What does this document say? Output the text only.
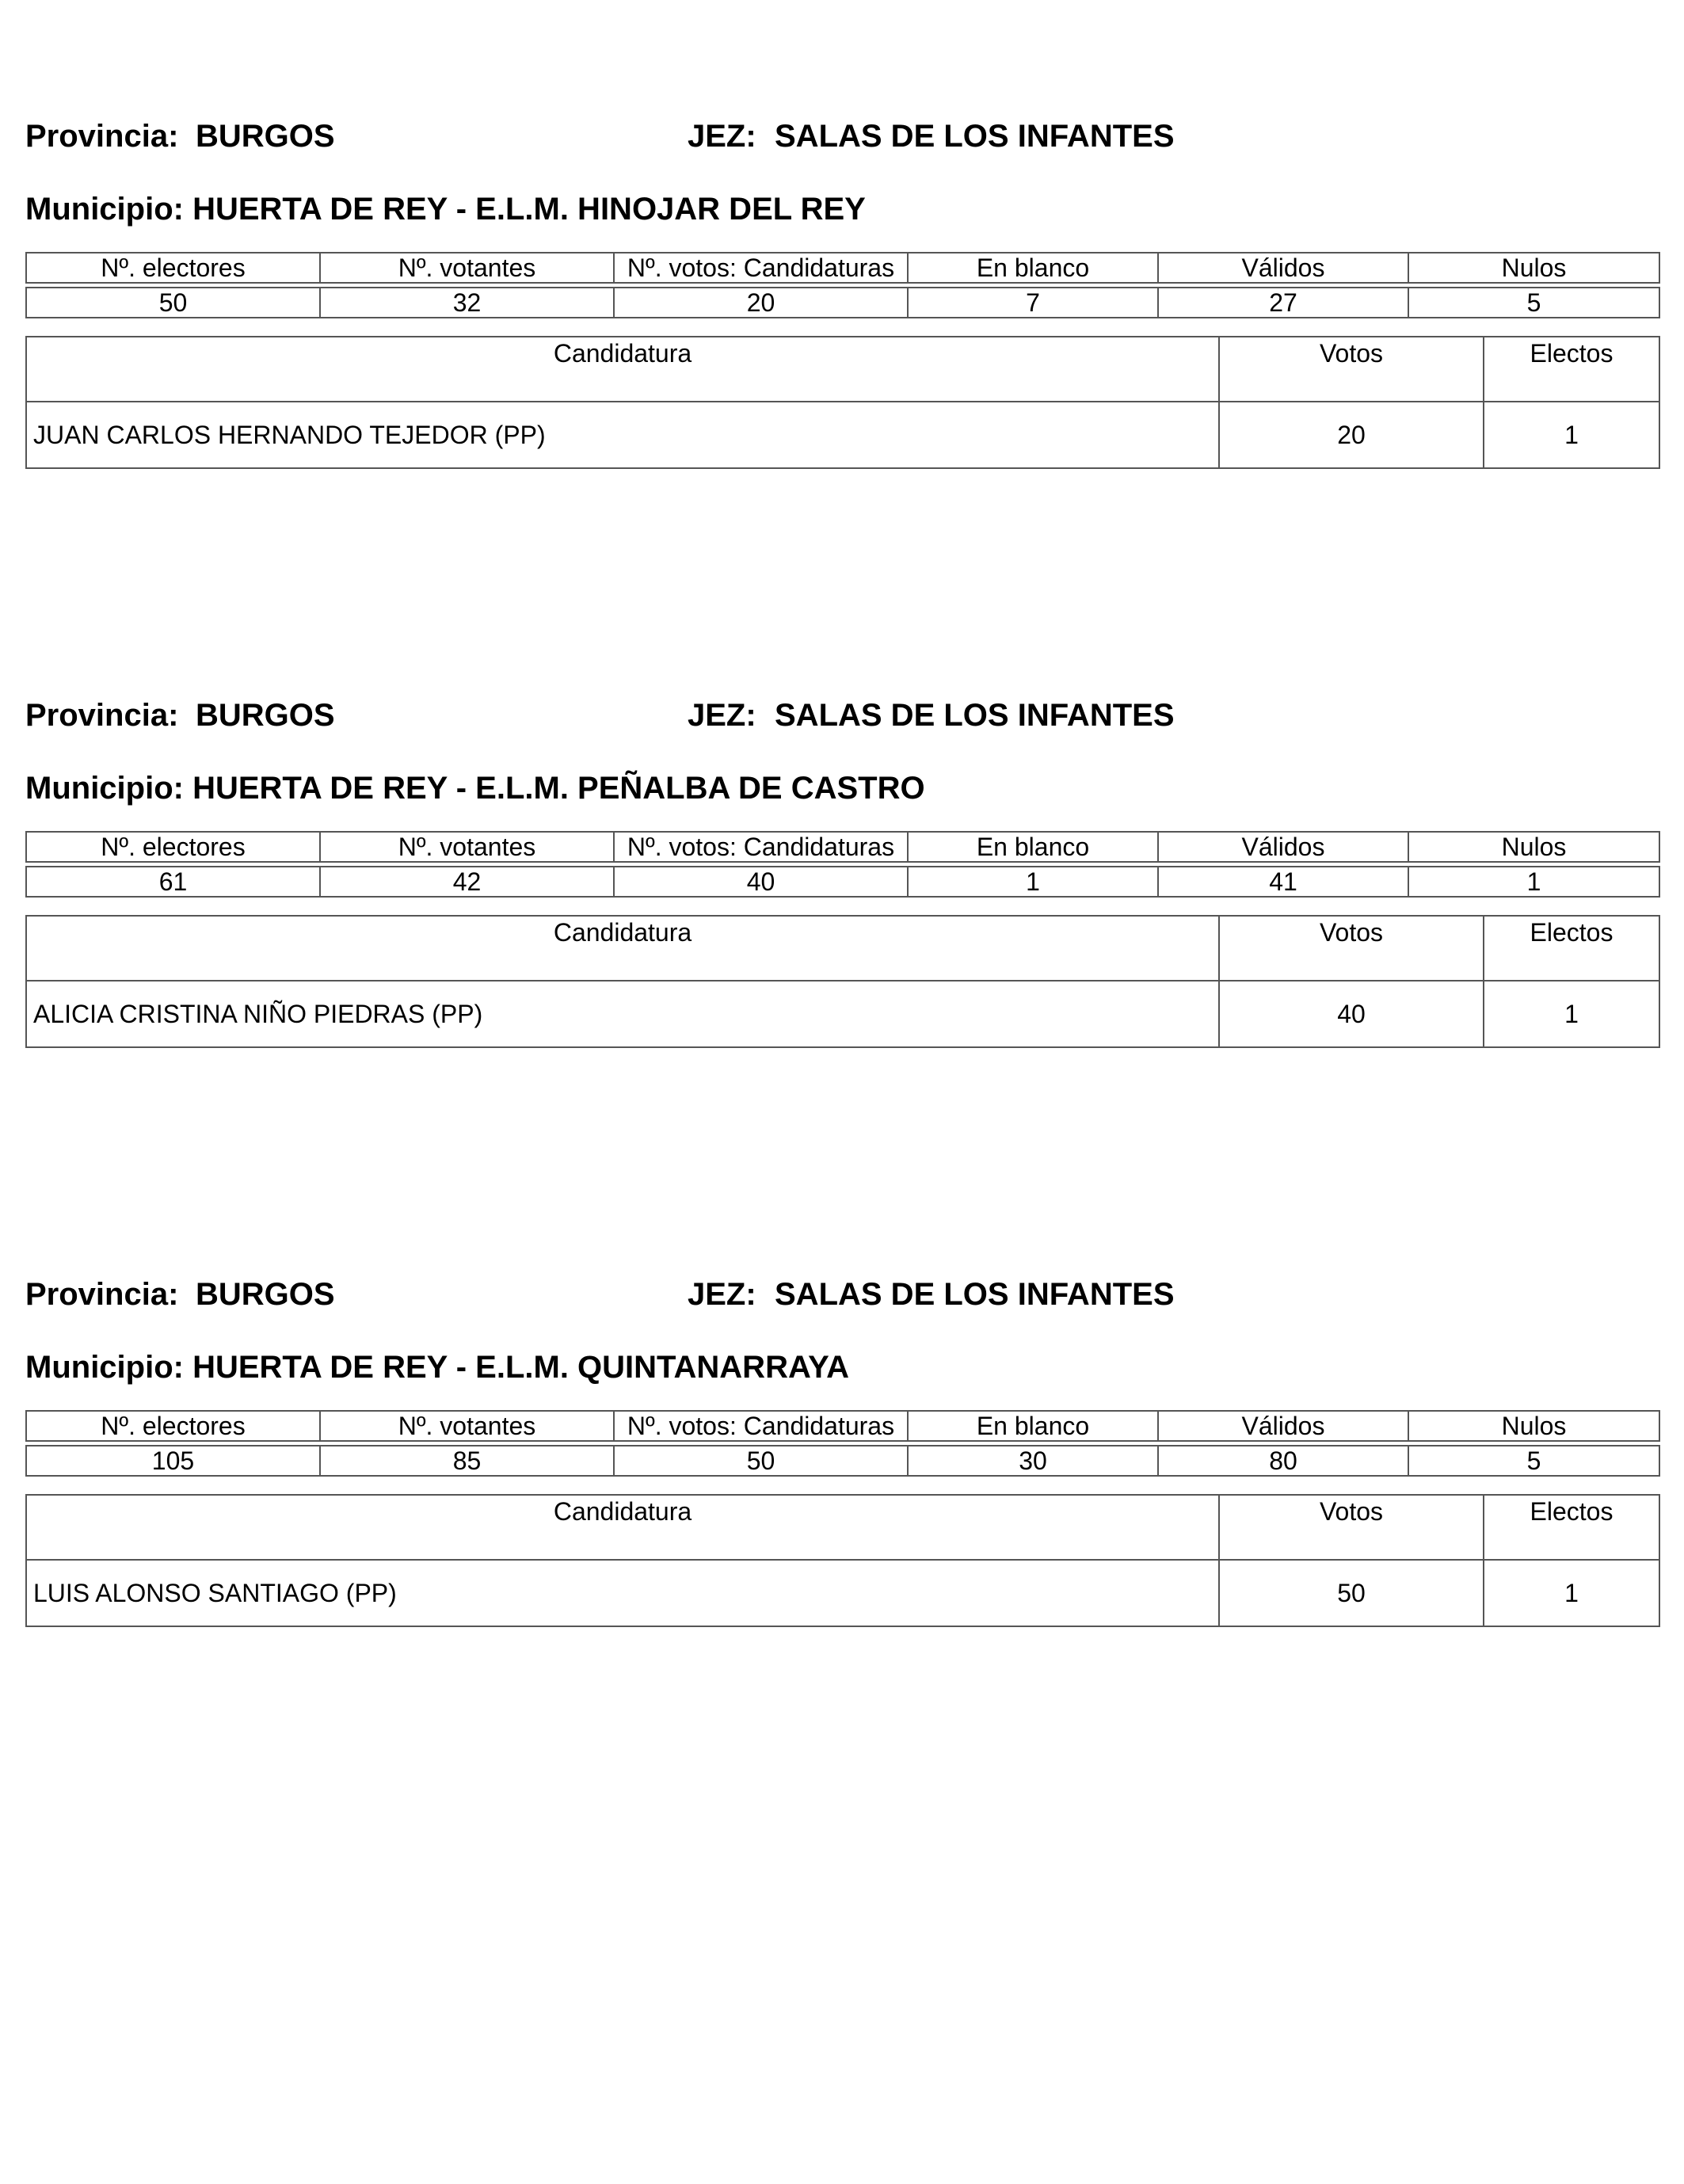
Provincia: BURGOS	JEZ: SALAS DE LOS INFANTES
Municipio: HUERTA DE REY - E.L.M. HINOJAR DEL REY
Nº. electores	Nº. votantes	Nº. votos: Candidaturas	En blanco	Válidos	Nulos

50	32	20	7	27	5
Candidatura	Votos	Electos
JUAN CARLOS HERNANDO TEJEDOR (PP)	20	1
Provincia: BURGOS	JEZ: SALAS DE LOS INFANTES
Municipio: HUERTA DE REY - E.L.M. PEÑALBA DE CASTRO
Nº. electores	Nº. votantes	Nº. votos: Candidaturas	En blanco	Válidos	Nulos

61	42	40	1	41	1
Candidatura	Votos	Electos
ALICIA CRISTINA NIÑO PIEDRAS (PP)	40	1
Provincia: BURGOS	JEZ: SALAS DE LOS INFANTES
Municipio: HUERTA DE REY - E.L.M. QUINTANARRAYA
Nº. electores	Nº. votantes	Nº. votos: Candidaturas	En blanco	Válidos	Nulos

105	85	50	30	80	5
Candidatura	Votos	Electos
LUIS ALONSO SANTIAGO (PP)	50	1
